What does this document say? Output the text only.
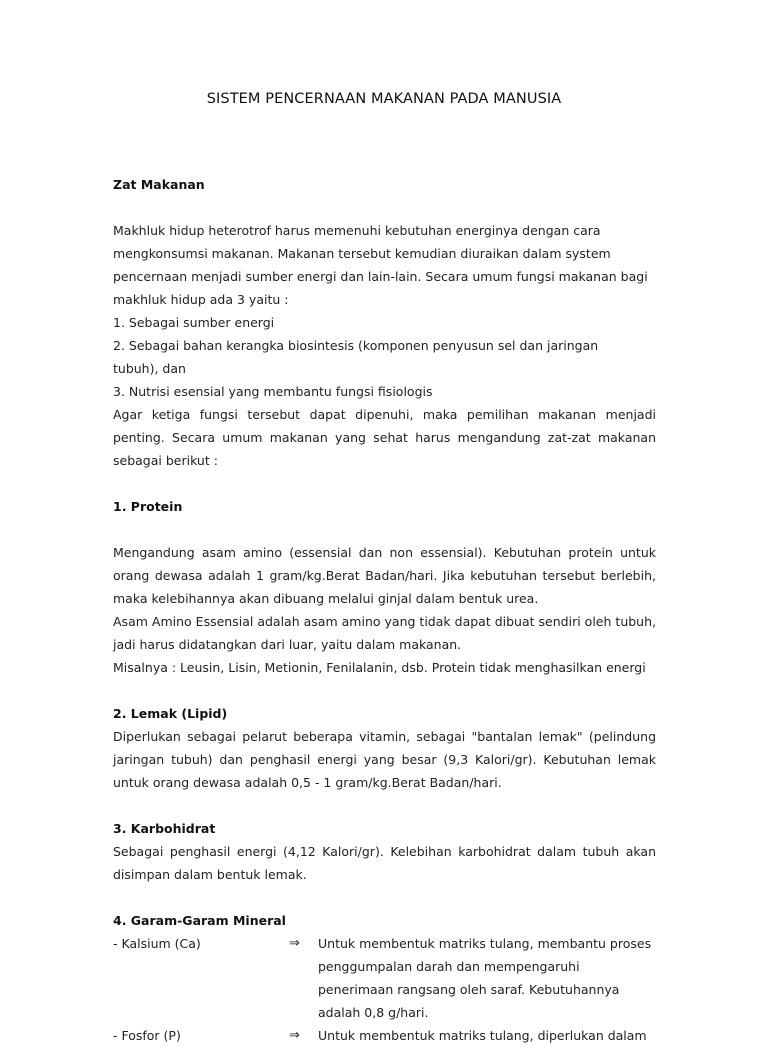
SISTEM PENCERNAAN MAKANAN PADA MANUSIA

Zat Makanan

Makhluk hidup heterotrof harus memenuhi kebutuhan energinya dengan cara

mengkonsumsi makanan. Makanan tersebut kemudian diuraikan dalam system

pencernaan menjadi sumber energi dan lain-lain. Secara umum fungsi makanan bagi

makhluk hidup ada 3 yaitu :

1. Sebagai sumber energi

2. Sebagai bahan kerangka biosintesis (komponen penyusun sel dan jaringan

tubuh), dan

3. Nutrisi esensial yang membantu fungsi fisiologis

Agar ketiga fungsi tersebut dapat dipenuhi, maka pemilihan makanan menjadi penting. Secara umum makanan yang sehat harus mengandung zat-zat makanan sebagai berikut :

1. Protein

Mengandung asam amino (essensial dan non essensial). Kebutuhan protein untuk orang dewasa adalah 1 gram/kg.Berat Badan/hari. Jika kebutuhan tersebut berlebih, maka kelebihannya akan dibuang melalui ginjal dalam bentuk urea.

Asam Amino Essensial adalah asam amino yang tidak dapat dibuat sendiri oleh tubuh, jadi harus didatangkan dari luar, yaitu dalam makanan.

Misalnya : Leusin, Lisin, Metionin, Fenilalanin, dsb. Protein tidak menghasilkan energi

2. Lemak (Lipid)

Diperlukan sebagai pelarut beberapa vitamin, sebagai "bantalan lemak" (pelindung jaringan tubuh) dan penghasil energi yang besar (9,3 Kalori/gr). Kebutuhan lemak untuk orang dewasa adalah 0,5 - 1 gram/kg.Berat Badan/hari.

3. Karbohidrat

Sebagai penghasil energi (4,12 Kalori/gr). Kelebihan karbohidrat dalam tubuh akan disimpan dalam bentuk lemak.

4. Garam-Garam Mineral

- Kalsium (Ca)	⇒	Untuk membentuk matriks tulang, membantu proses penggumpalan darah dan mempengaruhi penerimaan rangsang oleh saraf. Kebutuhannya adalah 0,8 g/hari.
- Fosfor (P)	⇒	Untuk membentuk matriks tulang, diperlukan dalam
